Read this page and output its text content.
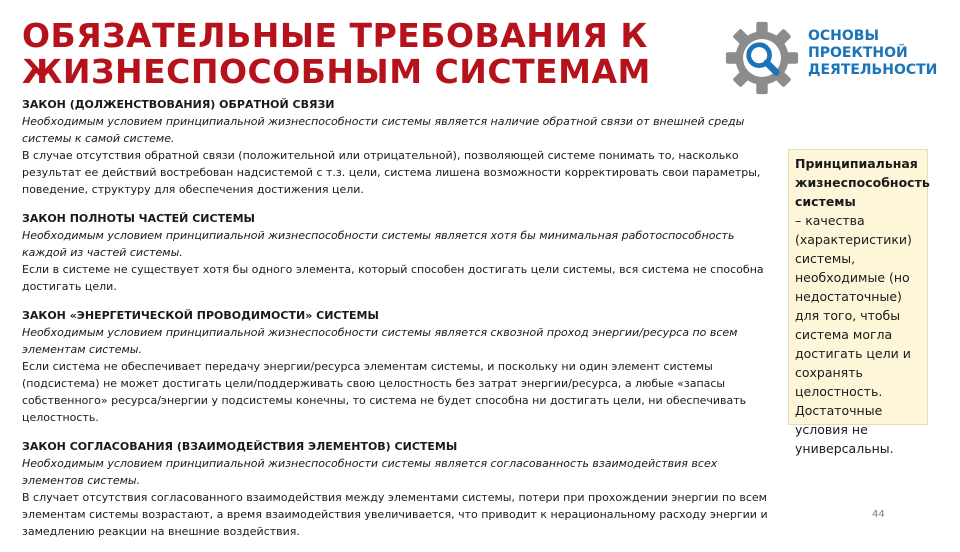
ОБЯЗАТЕЛЬНЫЕ ТРЕБОВАНИЯ К
ЖИЗНЕСПОСОБНЫМ СИСТЕМАМ
ОСНОВЫ
ПРОЕКТНОЙ
ДЕЯТЕЛЬНОСТИ
ЗАКОН (ДОЛЖЕНСТВОВАНИЯ) ОБРАТНОЙ СВЯЗИ
Необходимым условием принципиальной жизнеспособности системы является наличие обратной связи от внешней среды системы к самой системе.
В случае отсутствия обратной связи (положительной или отрицательной), позволяющей системе понимать то, насколько результат ее действий востребован надсистемой с т.з. цели, система лишена возможности корректировать свои параметры, поведение, структуру для обеспечения достижения цели.
ЗАКОН ПОЛНОТЫ ЧАСТЕЙ СИСТЕМЫ
Необходимым условием принципиальной жизнеспособности системы является хотя бы минимальная работоспособность каждой из частей системы.
Если в системе не существует хотя бы одного элемента, который способен достигать цели системы, вся система не способна достигать цели.
ЗАКОН «ЭНЕРГЕТИЧЕСКОЙ ПРОВОДИМОСТИ» СИСТЕМЫ
Необходимым условием принципиальной жизнеспособности системы является сквозной проход энергии/ресурса по всем элементам системы.
Если система не обеспечивает передачу энергии/ресурса элементам системы, и поскольку ни один элемент системы (подсистема) не может достигать цели/поддерживать свою целостность без затрат энергии/ресурса, а любые «запасы собственного» ресурса/энергии у подсистемы конечны, то система не будет способна ни достигать цели, ни обеспечивать целостность.
ЗАКОН СОГЛАСОВАНИЯ (ВЗАИМОДЕЙСТВИЯ ЭЛЕМЕНТОВ) СИСТЕМЫ
Необходимым условием принципиальной жизнеспособности системы является согласованность взаимодействия всех элементов системы.
В случает отсутствия согласованного взаимодействия между элементами системы, потери при прохождении энергии по всем элементам системы возрастают, а время взаимодействия увеличивается, что приводит к нерациональному расходу энергии и замедлению реакции на внешние воздействия.
Принципиальная жизнеспособность системы
– качества (характеристики) системы, необходимые (но недостаточные) для того, чтобы система могла достигать цели и сохранять целостность. Достаточные условия не универсальны.
44
